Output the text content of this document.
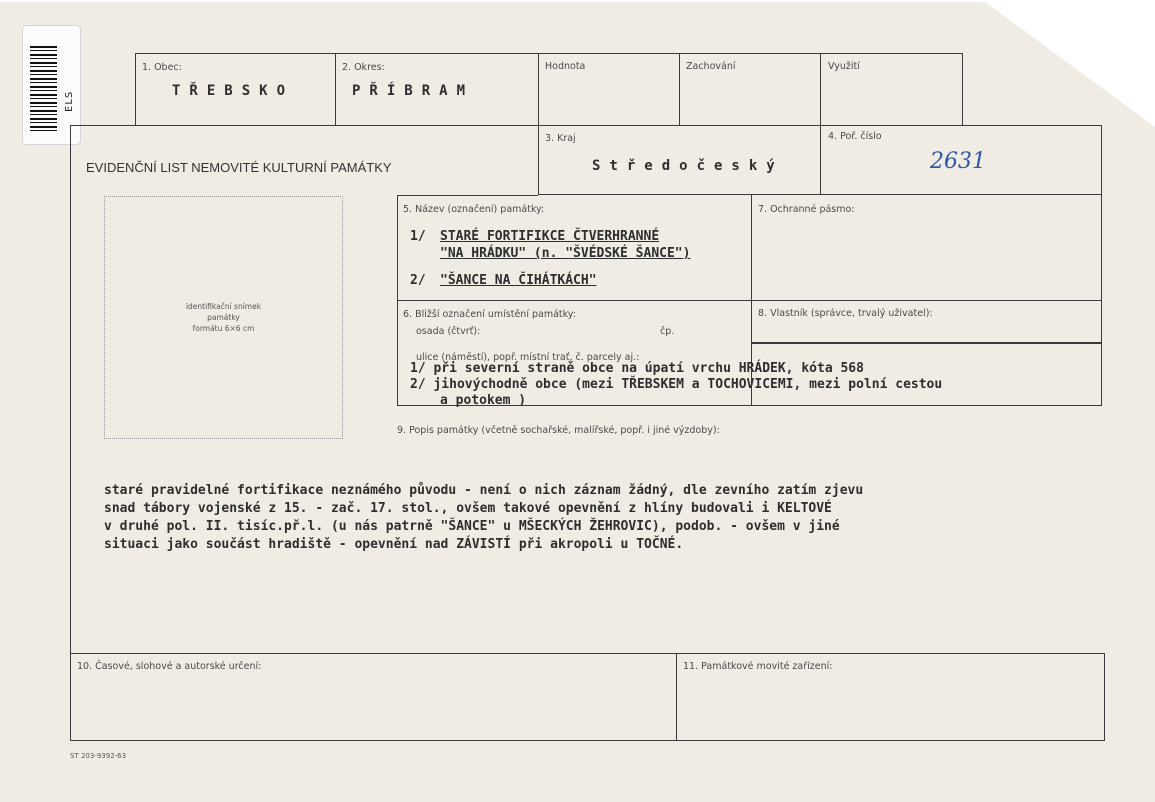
ELS
1. Obec:
TŘEBSKO
2. Okres:
PŘÍBRAM
Hodnota	Zachování	Využití
EVIDENČNÍ LIST NEMOVITÉ KULTURNÍ PAMÁTKY
3. Kraj
Středočeský
4. Poř. číslo
2631
identifikační snímek
památky
formátu 6×6 cm
5. Název (označení) památky:
1/ STARÉ FORTIFIKCE ČTVERHRANNÉ
"NA HRÁDKU" (n. "ŠVÉDSKÉ ŠANCE")
2/ "ŠANCE NA ČIHÁTKÁCH"
7. Ochranné pásmo:
6. Bližší označení umístění památky:
osada (čtvrť):	čp.
ulice (náměstí), popř. místní trať, č. parcely aj.:
1/ při severní straně obce na úpatí vrchu HRÁDEK, kóta 568
2/ jihovýchodně obce (mezi TŘEBSKEM a TOCHOVICEMI, mezi polní cestou
a potokem )
8. Vlastník (správce, trvalý uživatel):
9. Popis památky (včetně sochařské, malířské, popř. i jiné výzdoby):
staré pravidelné fortifikace neznámého původu - není o nich záznam žádný, dle zevního zatím zjevu
snad tábory vojenské z 15. - zač. 17. stol., ovšem takové opevnění z hlíny budovali i KELTOVÉ
v druhé pol. II. tisíc.př.l. (u nás patrně "ŠANCE" u MŠECKÝCH ŽEHROVIC), podob. - ovšem v jiné
situaci jako součást hradiště - opevnění nad ZÁVISTÍ při akropoli u TOČNÉ.
10. Časové, slohové a autorské určení:	11. Památkové movité zařízení:
ST 203-9392-63
